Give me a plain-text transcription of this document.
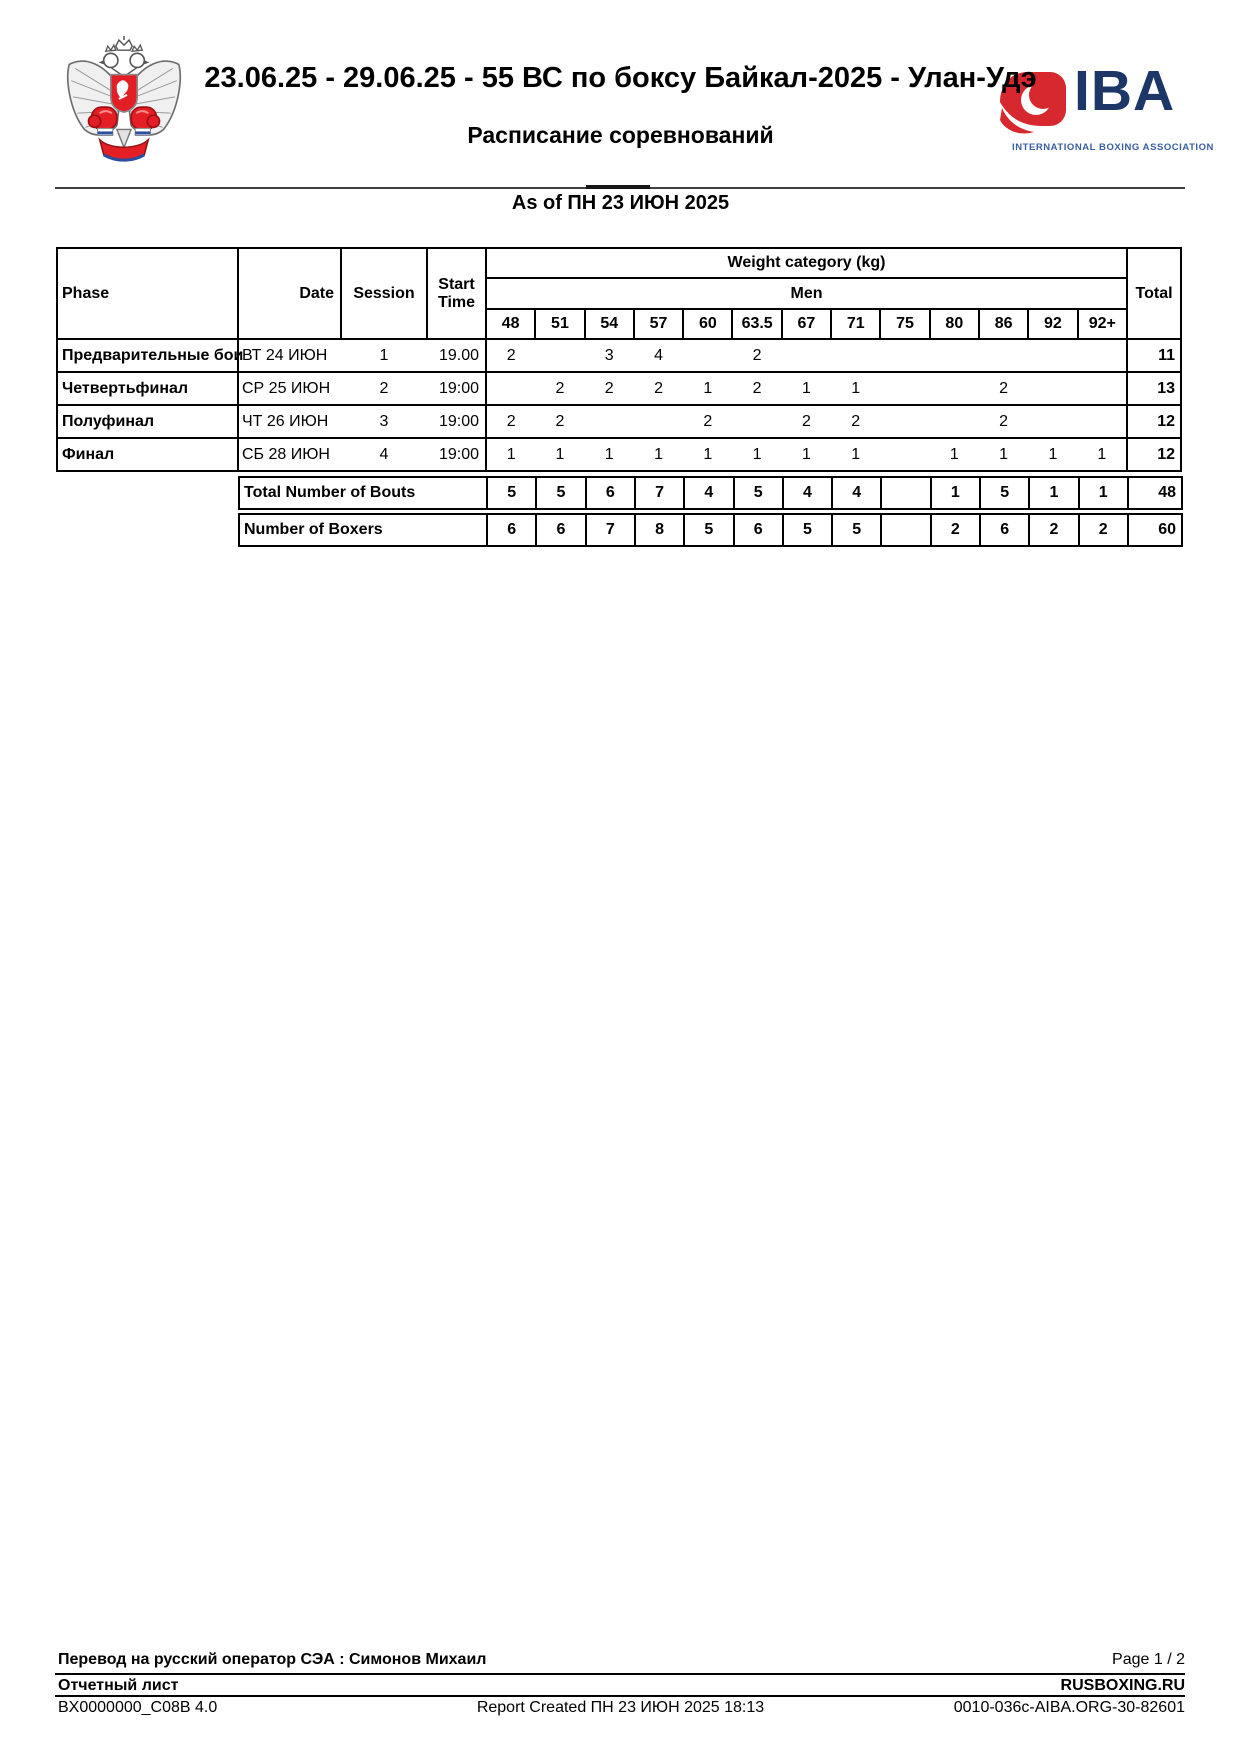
23.06.25 - 29.06.25 - 55 ВС по боксу Байкал-2025 - Улан-Удэ
Расписание соревнований
IBA
INTERNATIONAL BOXING ASSOCIATION
As of ПН 23 ИЮН 2025
Phase	Date	Session	Start Time	Weight category (kg)													Total
				Men													
				48	51	54	57	60	63.5	67	71	75	80	86	92	92+	
Предварительные бои	ВТ 24 ИЮН	1	19.00	2		3	4		2								11
Четвертьфинал	СР 25 ИЮН	2	19:00		2	2	2	1	2	1	1			2			13
Полуфинал	ЧТ 26 ИЮН	3	19:00	2	2			2		2	2			2			12
Финал	СБ 28 ИЮН	4	19:00	1	1	1	1	1	1	1	1		1	1	1	1	12
Total Number of Bouts	5	5	6	7	4	5	4	4		1	5	1	1	48
Number of Boxers	6	6	7	8	5	6	5	5		2	6	2	2	60
Перевод на русский оператор СЭА : Симонов Михаил	Page 1 / 2
Отчетный лист	RUSBOXING.RU
BX0000000_C08B 4.0	Report Created ПН 23 ИЮН 2025 18:13	0010-036c-AIBA.ORG-30-82601
